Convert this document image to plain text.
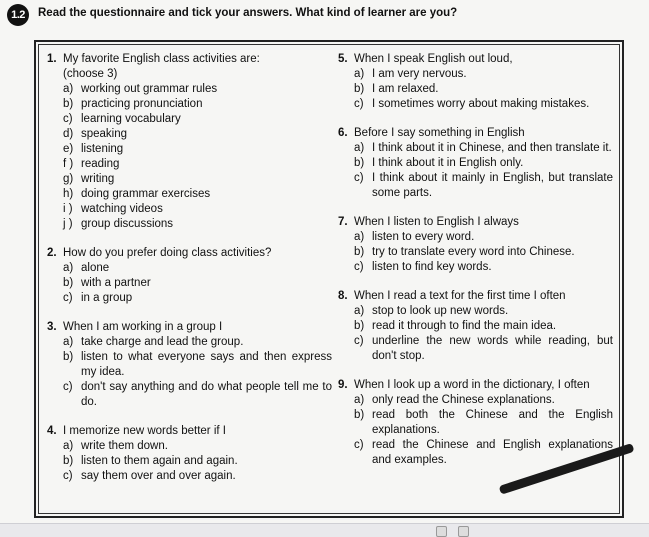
1.2	Read the questionnaire and tick your answers. What kind of learner are you?
1. My favorite English class activities are:
(choose 3)
a) working out grammar rules
b) practicing pronunciation
c) learning vocabulary
d) speaking
e) listening
f ) reading
g) writing
h) doing grammar exercises
i ) watching videos
j ) group discussions
2. How do you prefer doing class activities?
a) alone
b) with a partner
c) in a group
3. When I am working in a group I
a) take charge and lead the group.
b) listen to what everyone says and then express my idea.
c) don't say anything and do what people tell me to do.
4. I memorize new words better if I
a) write them down.
b) listen to them again and again.
c) say them over and over again.
5. When I speak English out loud,
a) I am very nervous.
b) I am relaxed.
c) I sometimes worry about making mistakes.
6. Before I say something in English
a) I think about it in Chinese, and then translate it.
b) I think about it in English only.
c) I think about it mainly in English, but translate some parts.
7. When I listen to English I always
a) listen to every word.
b) try to translate every word into Chinese.
c) listen to find key words.
8. When I read a text for the first time I often
a) stop to look up new words.
b) read it through to find the main idea.
c) underline the new words while reading, but don't stop.
9. When I look up a word in the dictionary, I often
a) only read the Chinese explanations.
b) read both the Chinese and the English explanations.
c) read the Chinese and English explanations and examples.
